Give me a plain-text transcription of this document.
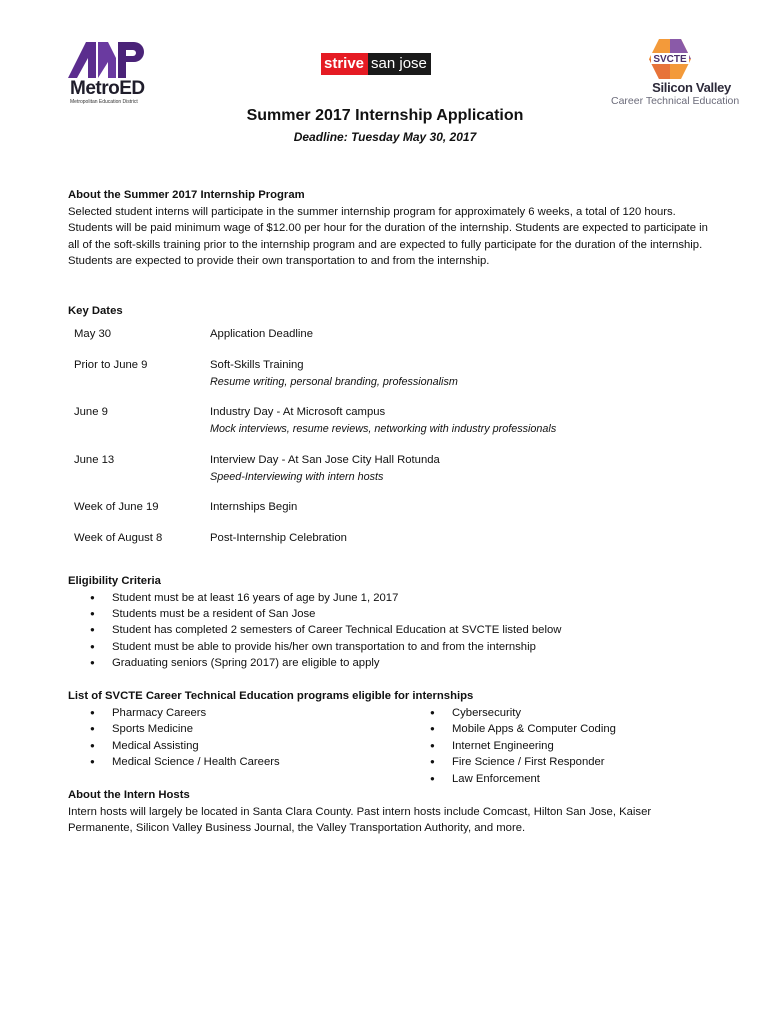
MetroED
Metropolitan Education District
strive san jose	SVCTE
Silicon Valley
Career Technical Education
Summer 2017 Internship Application
Deadline: Tuesday May 30, 2017
About the Summer 2017 Internship Program

Selected student interns will participate in the summer internship program for approximately 6 weeks, a total of 120 hours. Students will be paid minimum wage of $12.00 per hour for the duration of the internship. Students are expected to participate in all of the soft-skills training prior to the internship program and are expected to fully participate for the duration of the internship. Students are expected to provide their own transportation to and from the internship.

Key Dates
May 30	Application Deadline
Prior to June 9	Soft-Skills Training
Resume writing, personal branding, professionalism
June 9	Industry Day - At Microsoft campus
Mock interviews, resume reviews, networking with industry professionals
June 13	Interview Day - At San Jose City Hall Rotunda
Speed-Interviewing with intern hosts
Week of June 19	Internships Begin
Week of August 8	Post-Internship Celebration
Eligibility Criteria
● Student must be at least 16 years of age by June 1, 2017
● Students must be a resident of San Jose
● Student has completed 2 semesters of Career Technical Education at SVCTE listed below
● Student must be able to provide his/her own transportation to and from the internship
● Graduating seniors (Spring 2017) are eligible to apply
List of SVCTE Career Technical Education programs eligible for internships
● Pharmacy Careers
● Sports Medicine
● Medical Assisting
● Medical Science / Health Careers
● Cybersecurity
● Mobile Apps & Computer Coding
● Internet Engineering
● Fire Science / First Responder
● Law Enforcement
About the Intern Hosts

Intern hosts will largely be located in Santa Clara County. Past intern hosts include Comcast, Hilton San Jose, Kaiser Permanente, Silicon Valley Business Journal, the Valley Transportation Authority, and more.
